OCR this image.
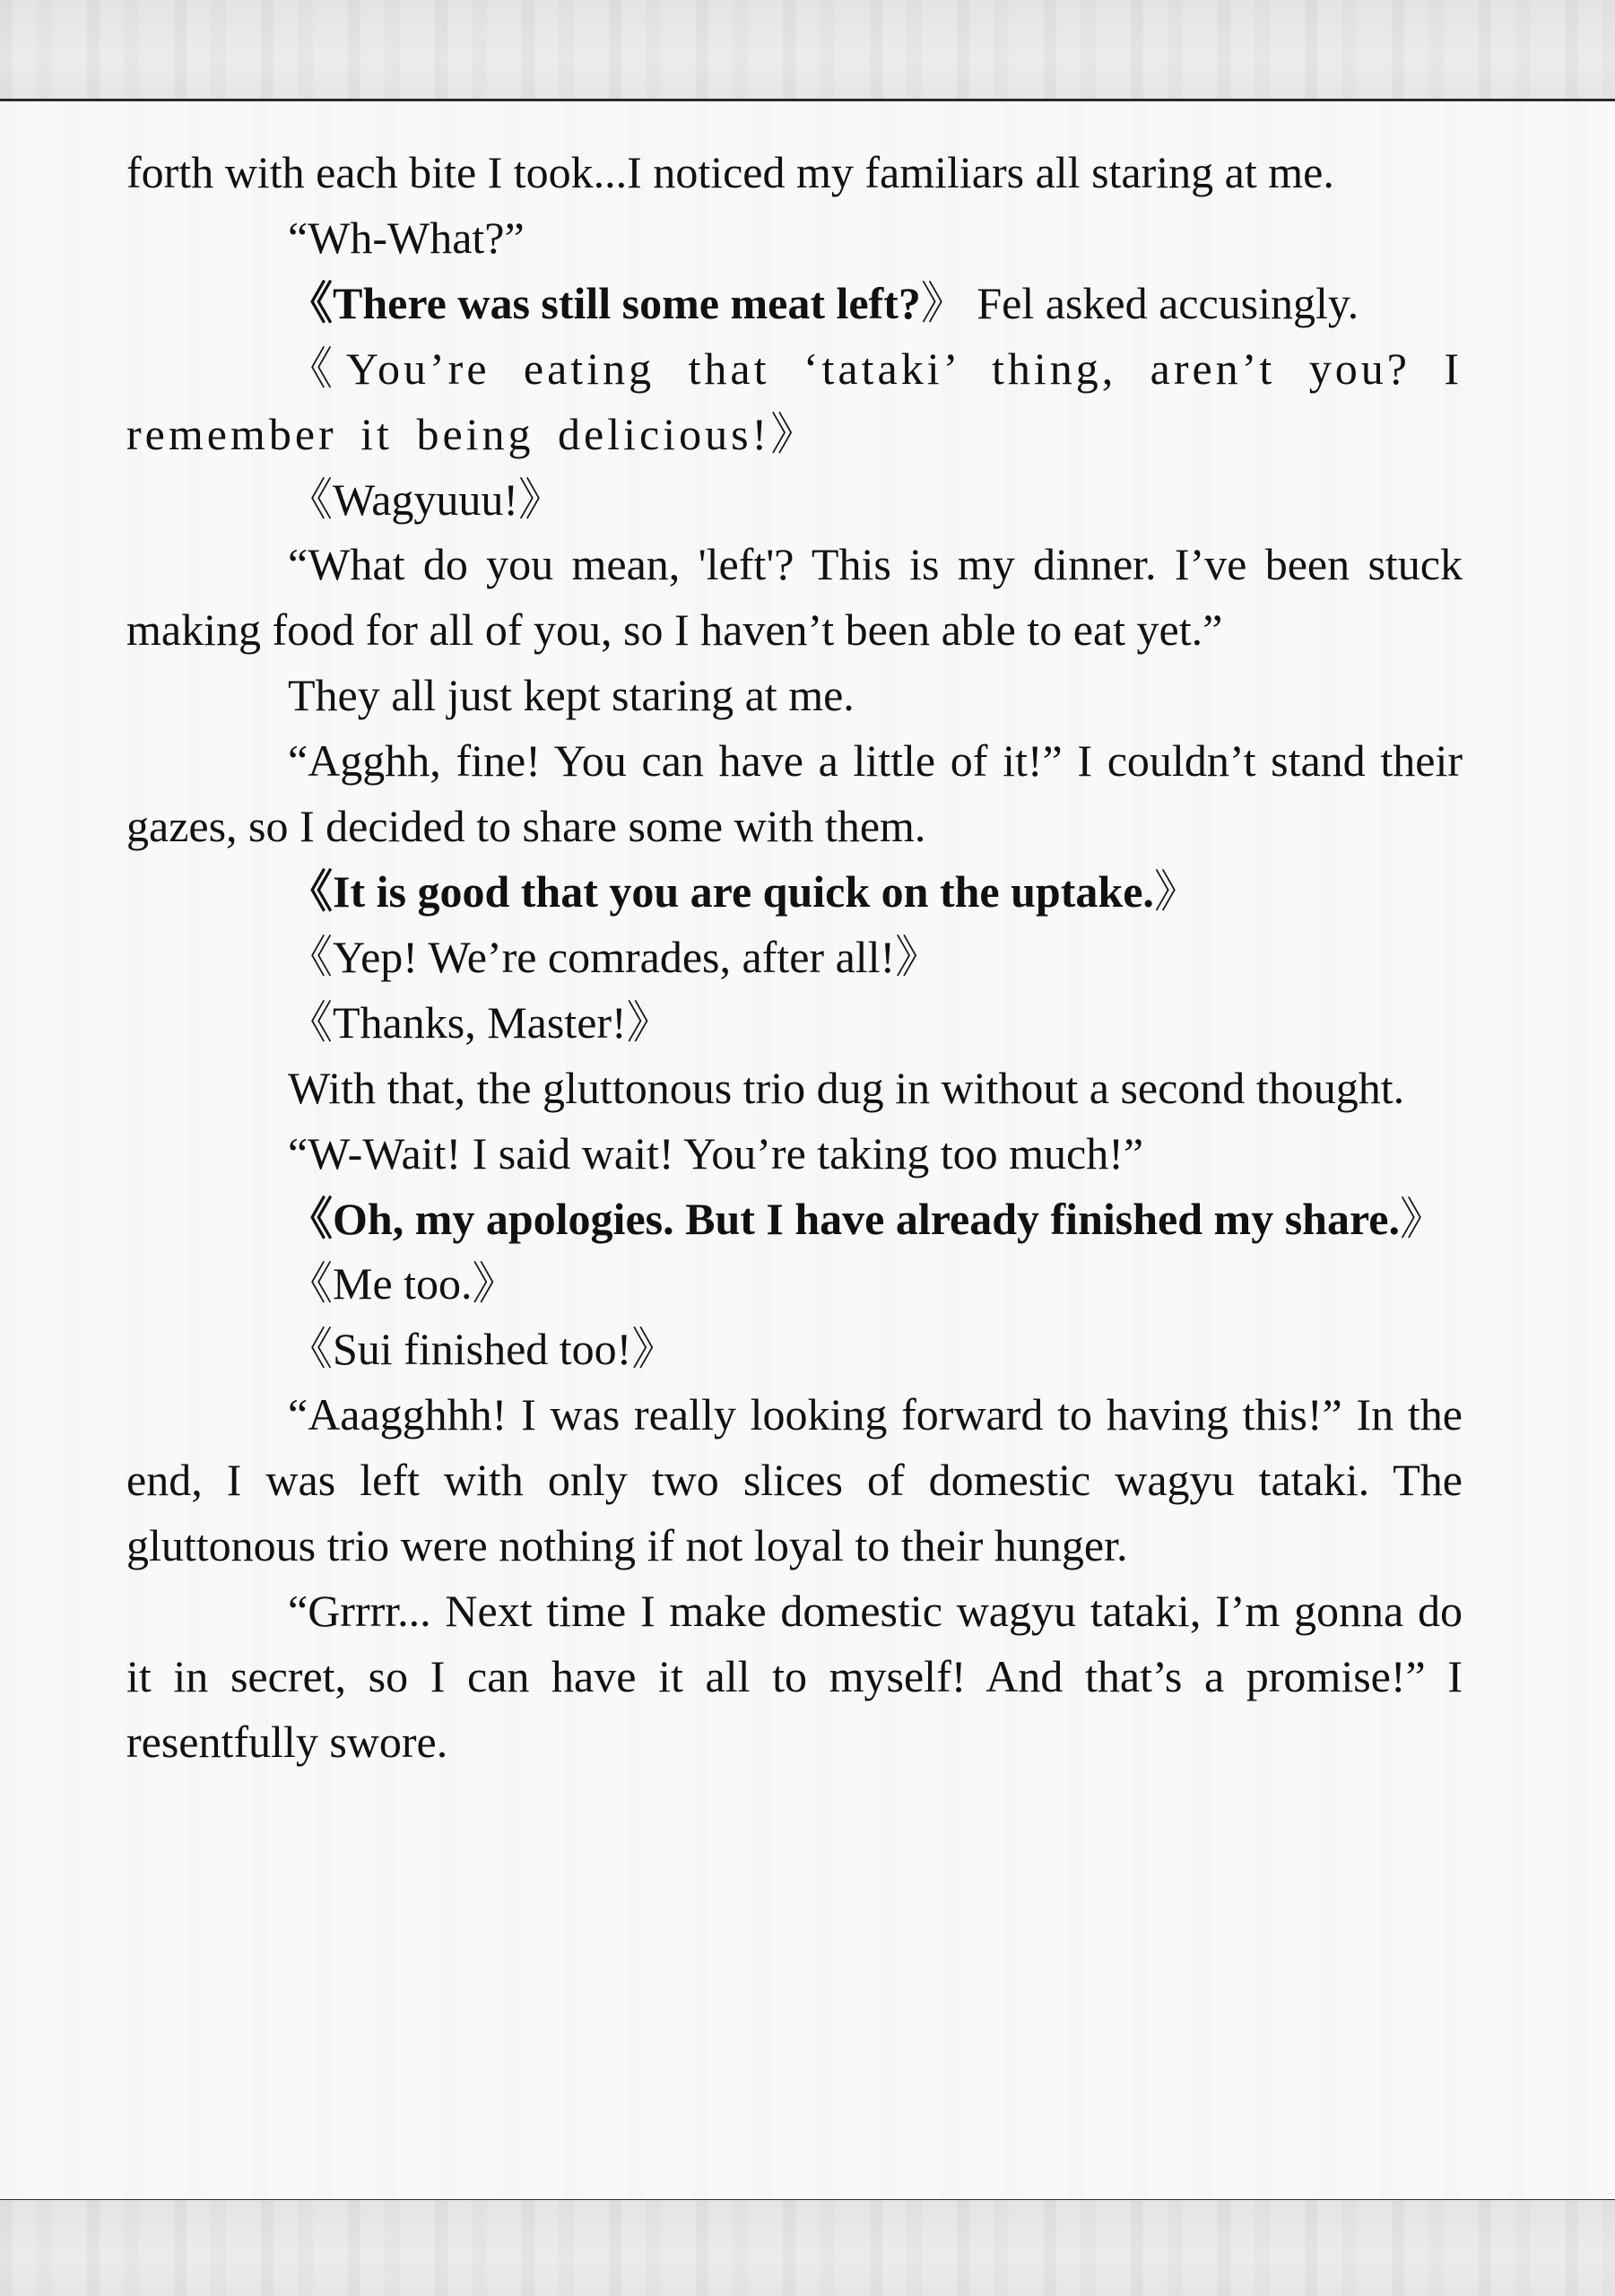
forth with each bite I took...I noticed my familiars all staring at me.

“Wh-What?”

《There was still some meat left?》 Fel asked accusingly.

《You’re eating that ‘tataki’ thing, aren’t you? I remember it being delicious!》

《Wagyuuu!》

“What do you mean, 'left'? This is my dinner. I’ve been stuck making food for all of you, so I haven’t been able to eat yet.”

They all just kept staring at me.

“Agghh, fine! You can have a little of it!” I couldn’t stand their gazes, so I decided to share some with them.

《It is good that you are quick on the uptake.》

《Yep! We’re comrades, after all!》

《Thanks, Master!》

With that, the gluttonous trio dug in without a second thought.

“W-Wait! I said wait! You’re taking too much!”

《Oh, my apologies. But I have already finished my share.》

《Me too.》

《Sui finished too!》

“Aaagghhh! I was really looking forward to having this!” In the end, I was left with only two slices of domestic wagyu tataki. The gluttonous trio were nothing if not loyal to their hunger.

“Grrrr... Next time I make domestic wagyu tataki, I’m gonna do it in secret, so I can have it all to myself! And that’s a promise!” I resentfully swore.
